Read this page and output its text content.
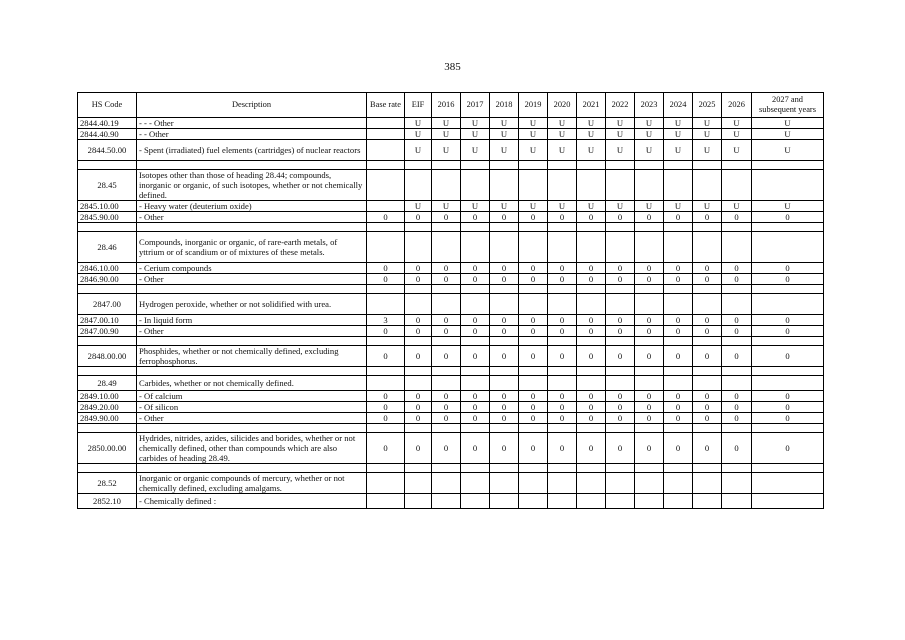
385
HS Code	Description	Base rate	EIF	2016	2017	2018	2019	2020	2021	2022	2023	2024	2025	2026	2027 and subsequent years
2844.40.19	- - - Other		U	U	U	U	U	U	U	U	U	U	U	U	U
2844.40.90	- - Other		U	U	U	U	U	U	U	U	U	U	U	U	U
2844.50.00	- Spent (irradiated) fuel elements (cartridges) of nuclear reactors		U	U	U	U	U	U	U	U	U	U	U	U	U

28.45	Isotopes other than those of heading 28.44; compounds, inorganic or organic, of such isotopes, whether or not chemically defined.														
2845.10.00	- Heavy water (deuterium oxide)		U	U	U	U	U	U	U	U	U	U	U	U	U
2845.90.00	- Other	0	0	0	0	0	0	0	0	0	0	0	0	0	0

28.46	Compounds, inorganic or organic, of rare-earth metals, of yttrium or of scandium or of mixtures of these metals.														
2846.10.00	- Cerium compounds	0	0	0	0	0	0	0	0	0	0	0	0	0	0
2846.90.00	- Other	0	0	0	0	0	0	0	0	0	0	0	0	0	0

2847.00	Hydrogen peroxide, whether or not solidified with urea.														
2847.00.10	- In liquid form	3	0	0	0	0	0	0	0	0	0	0	0	0	0
2847.00.90	- Other	0	0	0	0	0	0	0	0	0	0	0	0	0	0

2848.00.00	Phosphides, whether or not chemically defined, excluding ferrophosphorus.	0	0	0	0	0	0	0	0	0	0	0	0	0	0

28.49	Carbides, whether or not chemically defined.														
2849.10.00	- Of calcium	0	0	0	0	0	0	0	0	0	0	0	0	0	0
2849.20.00	- Of silicon	0	0	0	0	0	0	0	0	0	0	0	0	0	0
2849.90.00	- Other	0	0	0	0	0	0	0	0	0	0	0	0	0	0

2850.00.00	Hydrides, nitrides, azides, silicides and borides, whether or not chemically defined, other than compounds which are also carbides of heading 28.49.	0	0	0	0	0	0	0	0	0	0	0	0	0	0

28.52	Inorganic or organic compounds of mercury, whether or not chemically defined, excluding amalgams.														
2852.10	- Chemically defined :														
